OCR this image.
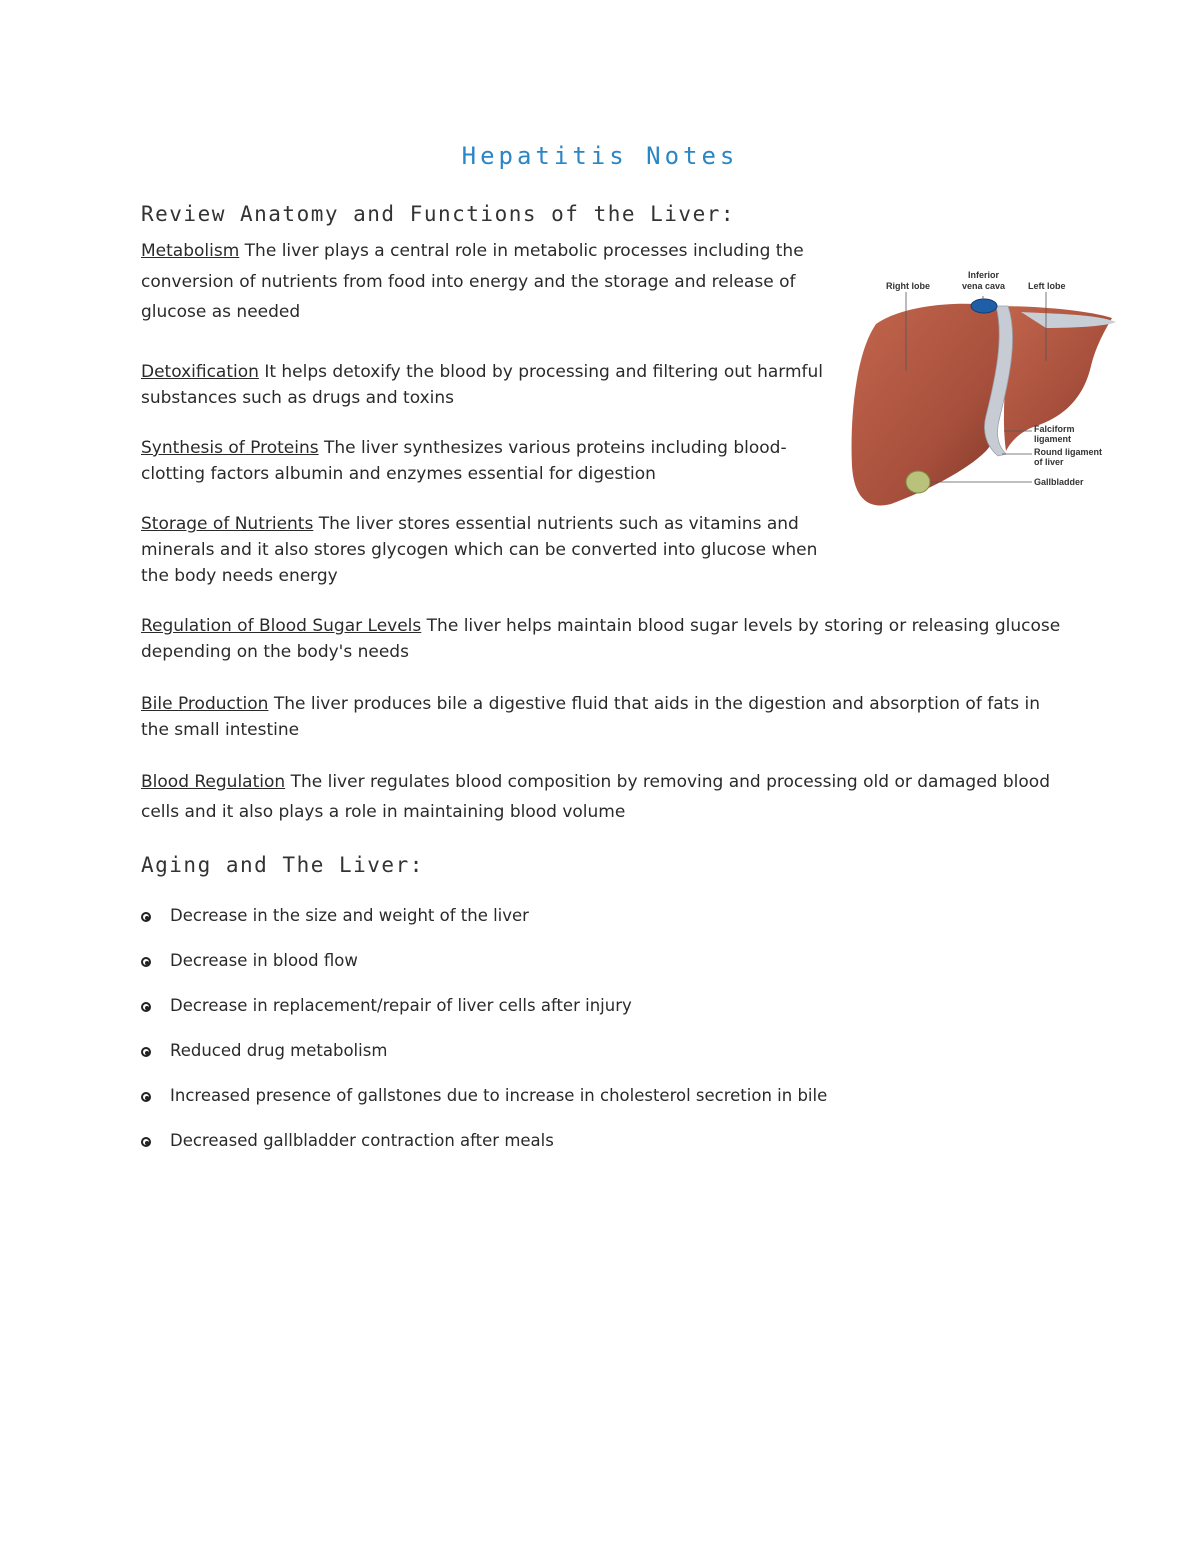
Hepatitis Notes
Review Anatomy and Functions of the Liver:
Metabolism The liver plays a central role in metabolic processes including the conversion of nutrients from food into energy and the storage and release of glucose as needed
Detoxification It helps detoxify the blood by processing and filtering out harmful substances such as drugs and toxins
Synthesis of Proteins The liver synthesizes various proteins including blood-clotting factors albumin and enzymes essential for digestion
Storage of Nutrients The liver stores essential nutrients such as vitamins and minerals and it also stores glycogen which can be converted into glucose when the body needs energy
Regulation of Blood Sugar Levels The liver helps maintain blood sugar levels by storing or releasing glucose depending on the body's needs
Bile Production The liver produces bile a digestive fluid that aids in the digestion and absorption of fats in the small intestine
Blood Regulation The liver regulates blood composition by removing and processing old or damaged blood cells and it also plays a role in maintaining blood volume
Right lobe
Inferior
vena cava	Left lobe
Falciform
ligament
Round ligament
of liver
Gallbladder
Aging and The Liver:
Decrease in the size and weight of the liver
Decrease in blood flow
Decrease in replacement/repair of liver cells after injury
Reduced drug metabolism
Increased presence of gallstones due to increase in cholesterol secretion in bile
Decreased gallbladder contraction after meals
